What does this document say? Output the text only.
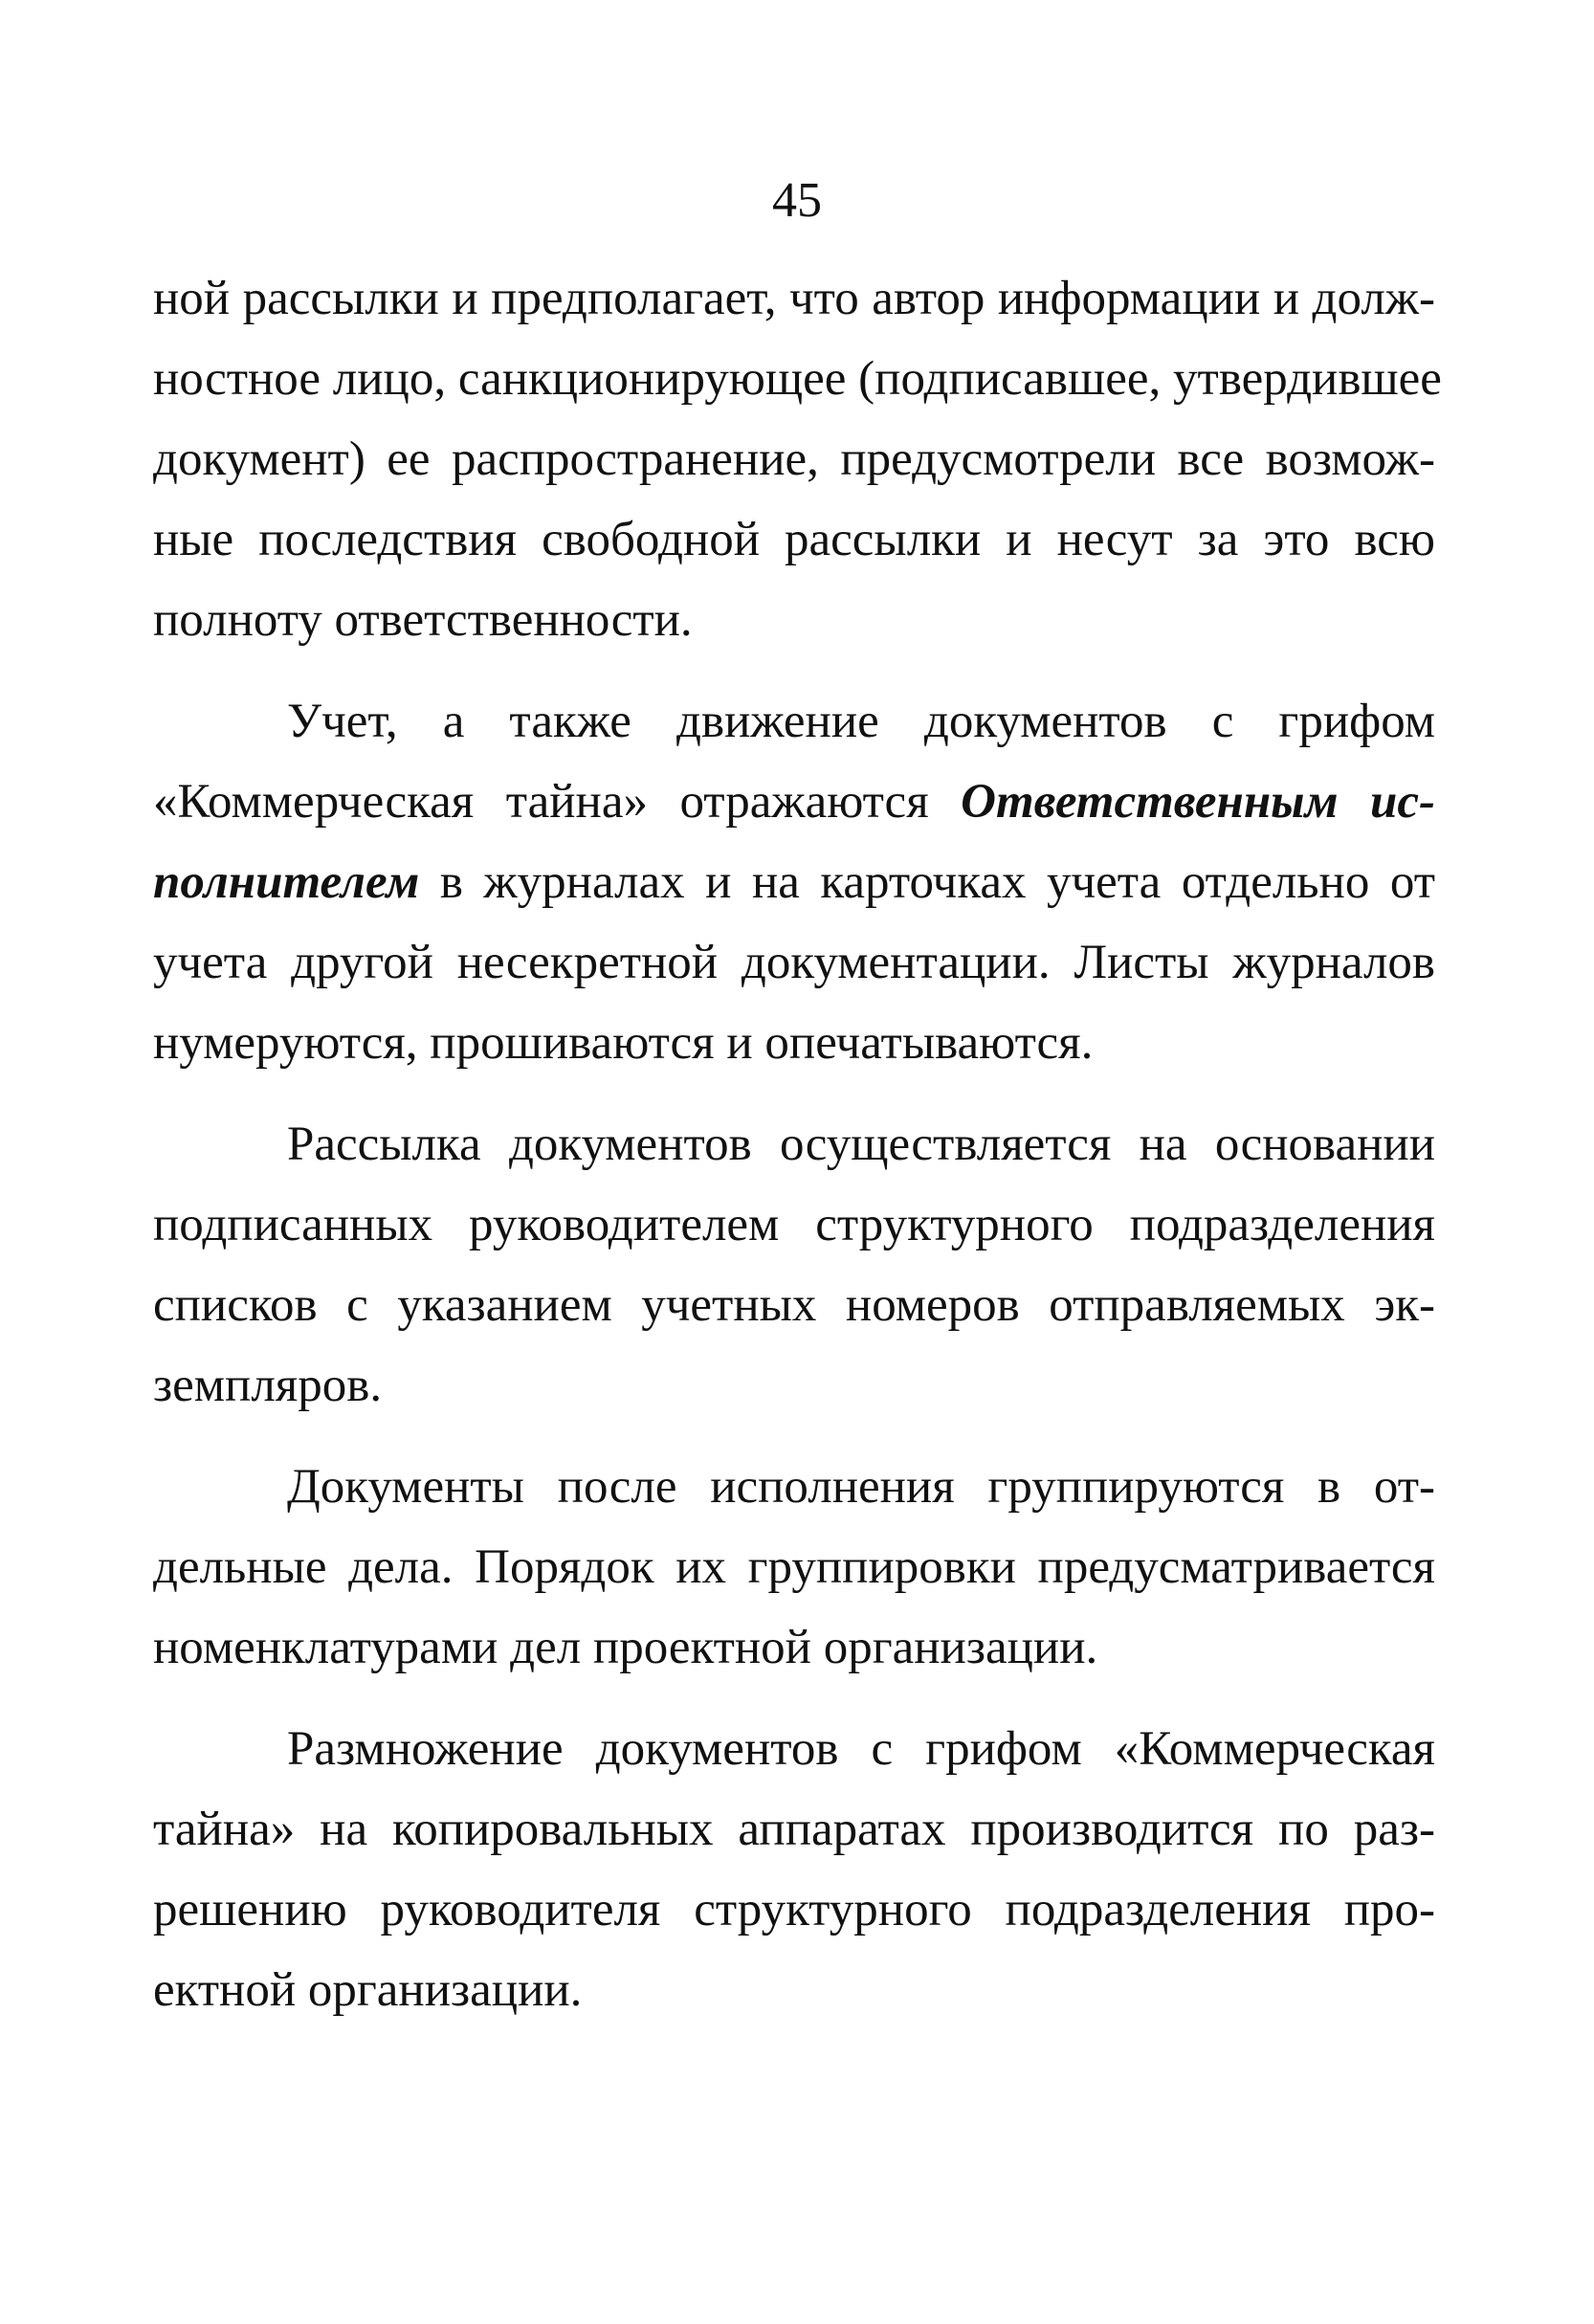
45
ной рассылки и предполагает, что автор информации и долж-
ностное лицо, санкционирующее (подписавшее, утвердившее
документ) ее распространение, предусмотрели все возмож-
ные последствия свободной рассылки и несут за это всю
полноту ответственности.
Учет, а также движение документов с грифом
«Коммерческая тайна» отражаются Ответственным ис-
полнителем в журналах и на карточках учета отдельно от
учета другой несекретной документации. Листы журналов
нумеруются, прошиваются и опечатываются.
Рассылка документов осуществляется на основании
подписанных руководителем структурного подразделения
списков с указанием учетных номеров отправляемых эк-
земпляров.
Документы после исполнения группируются в от-
дельные дела. Порядок их группировки предусматривается
номенклатурами дел проектной организации.
Размножение документов с грифом «Коммерческая
тайна» на копировальных аппаратах производится по раз-
решению руководителя структурного подразделения про-
ектной организации.
